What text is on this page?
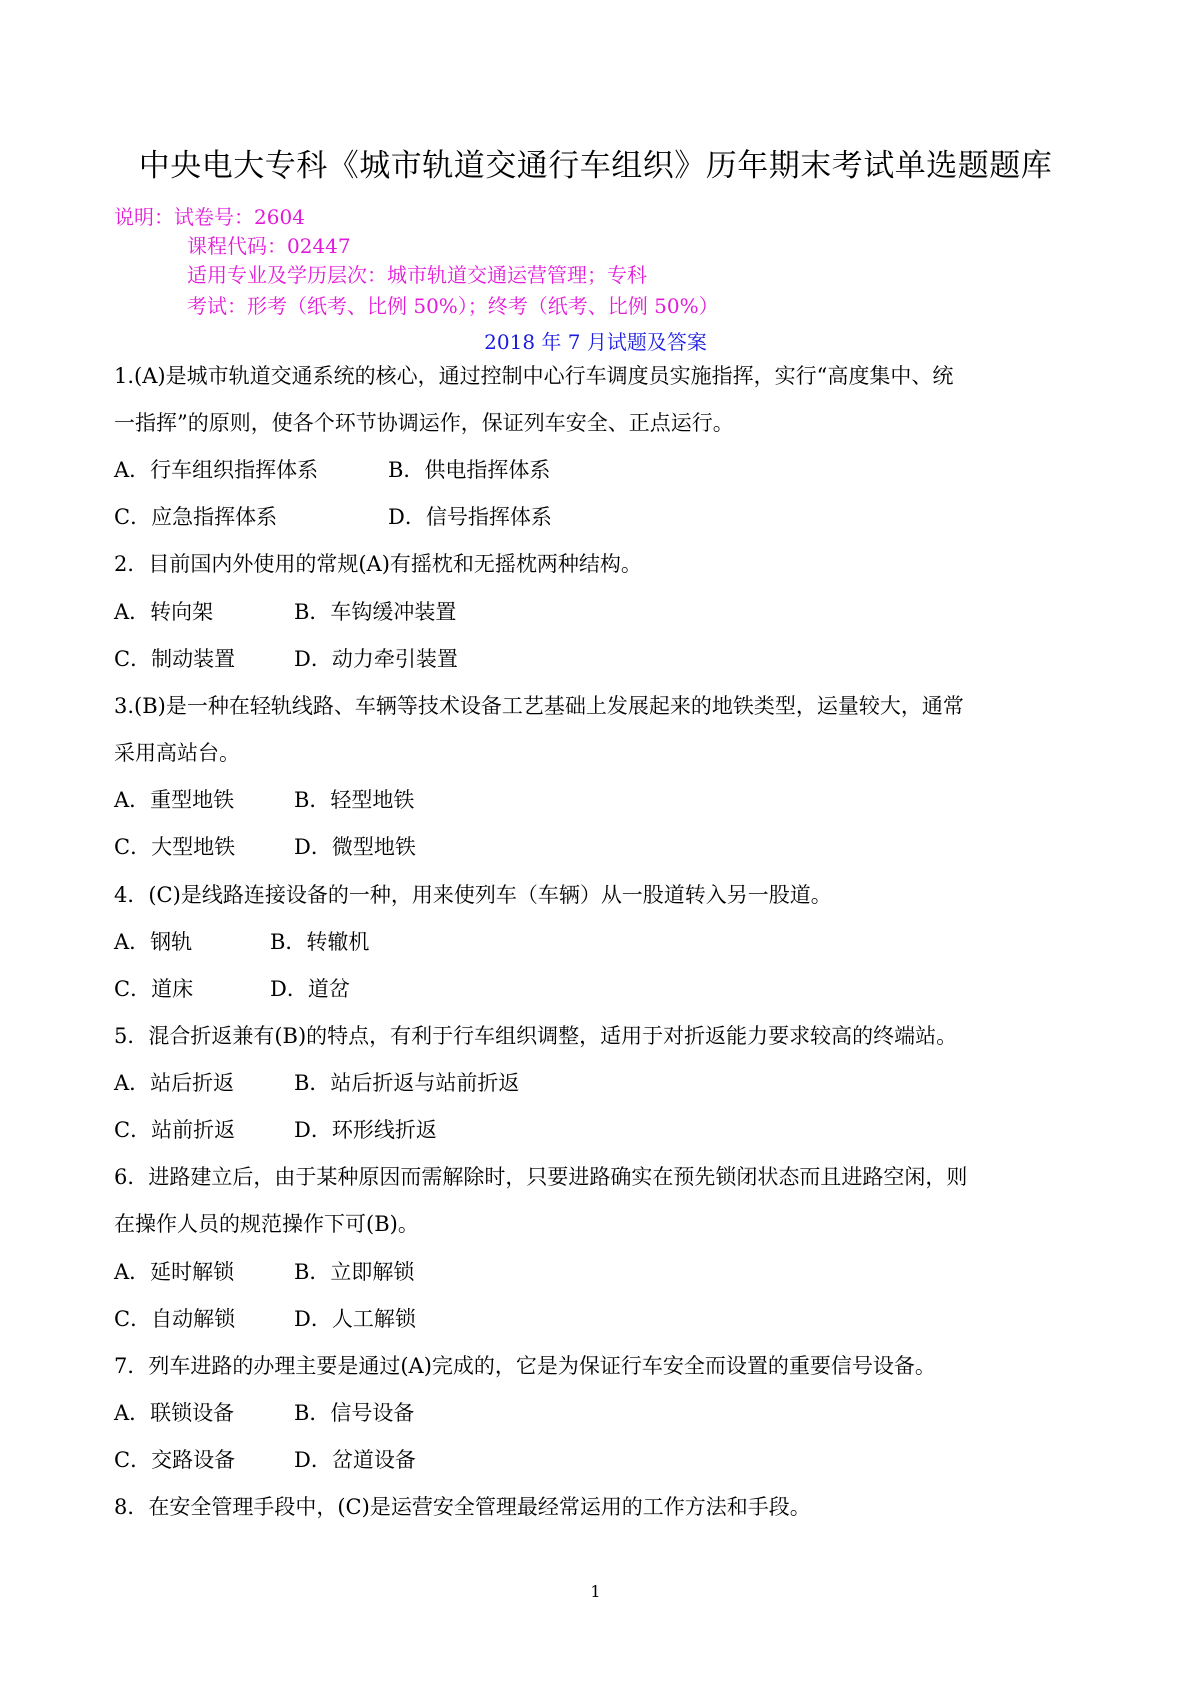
中央电大专科《城市轨道交通行车组织》历年期末考试单选题题库
说明：试卷号：2604
课程代码：02447
适用专业及学历层次：城市轨道交通运营管理；专科
考试：形考（纸考、比例 50%）；终考（纸考、比例 50%）
2018 年 7 月试题及答案
1.(A)是城市轨道交通系统的核心，通过控制中心行车调度员实施指挥，实行“高度集中、统
一指挥”的原则，使各个环节协调运作，保证列车安全、正点运行。
A．行车组织指挥体系	B．供电指挥体系
C．应急指挥体系	D．信号指挥体系
2．目前国内外使用的常规(A)有摇枕和无摇枕两种结构。
A．转向架	B．车钩缓冲装置
C．制动装置	D．动力牵引装置
3.(B)是一种在轻轨线路、车辆等技术设备工艺基础上发展起来的地铁类型，运量较大，通常
采用高站台。
A．重型地铁	B．轻型地铁
C．大型地铁	D．微型地铁
4．(C)是线路连接设备的一种，用来使列车（车辆）从一股道转入另一股道。
A．钢轨	B．转辙机
C．道床	D．道岔
5．混合折返兼有(B)的特点，有利于行车组织调整，适用于对折返能力要求较高的终端站。
A．站后折返	B．站后折返与站前折返
C．站前折返	D．环形线折返
6．进路建立后，由于某种原因而需解除时，只要进路确实在预先锁闭状态而且进路空闲，则
在操作人员的规范操作下可(B)。
A．延时解锁	B．立即解锁
C．自动解锁	D．人工解锁
7．列车进路的办理主要是通过(A)完成的，它是为保证行车安全而设置的重要信号设备。
A．联锁设备	B．信号设备
C．交路设备	D．岔道设备
8．在安全管理手段中，(C)是运营安全管理最经常运用的工作方法和手段。
1
